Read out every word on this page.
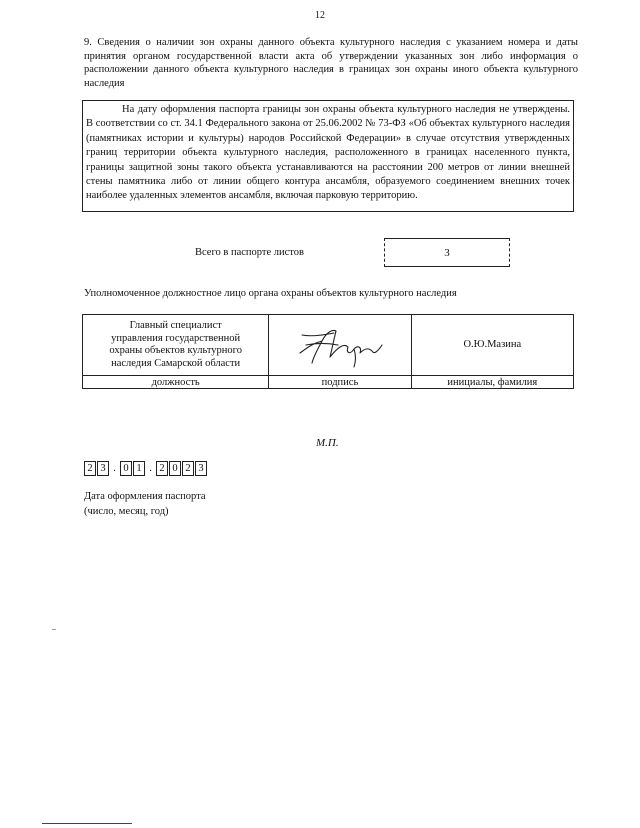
12
9. Сведения о наличии зон охраны данного объекта культурного наследия с указанием номера и даты принятия органом государственной власти акта об утверждении указанных зон либо информация о расположении данного объекта культурного наследия в границах зон охраны иного объекта культурного наследия

На дату оформления паспорта границы зон охраны объекта культурного наследия не утверждены. В соответствии со ст. 34.1 Федерального закона от 25.06.2002 № 73-ФЗ «Об объектах культурного наследия (памятниках истории и культуры) народов Российской Федерации» в случае отсутствия утвержденных границ территории объекта культурного наследия, расположенного в границах населенного пункта, границы защитной зоны такого объекта устанавливаются на расстоянии 200 метров от линии внешней стены памятника либо от линии общего контура ансамбля, образуемого соединением внешних точек наиболее удаленных элементов ансамбля, включая парковую территорию.

Всего в паспорте листов	3
Уполномоченное должностное лицо органа охраны объектов культурного наследия
Главный специалист
управления государственной
охраны объектов культурного
наследия Самарской области		О.Ю.Мазина
должность	подпись	инициалы, фамилия
М.П.
2 3 . 0 1 . 2 0 2 3
Дата оформления паспорта
(число, месяц, год)
